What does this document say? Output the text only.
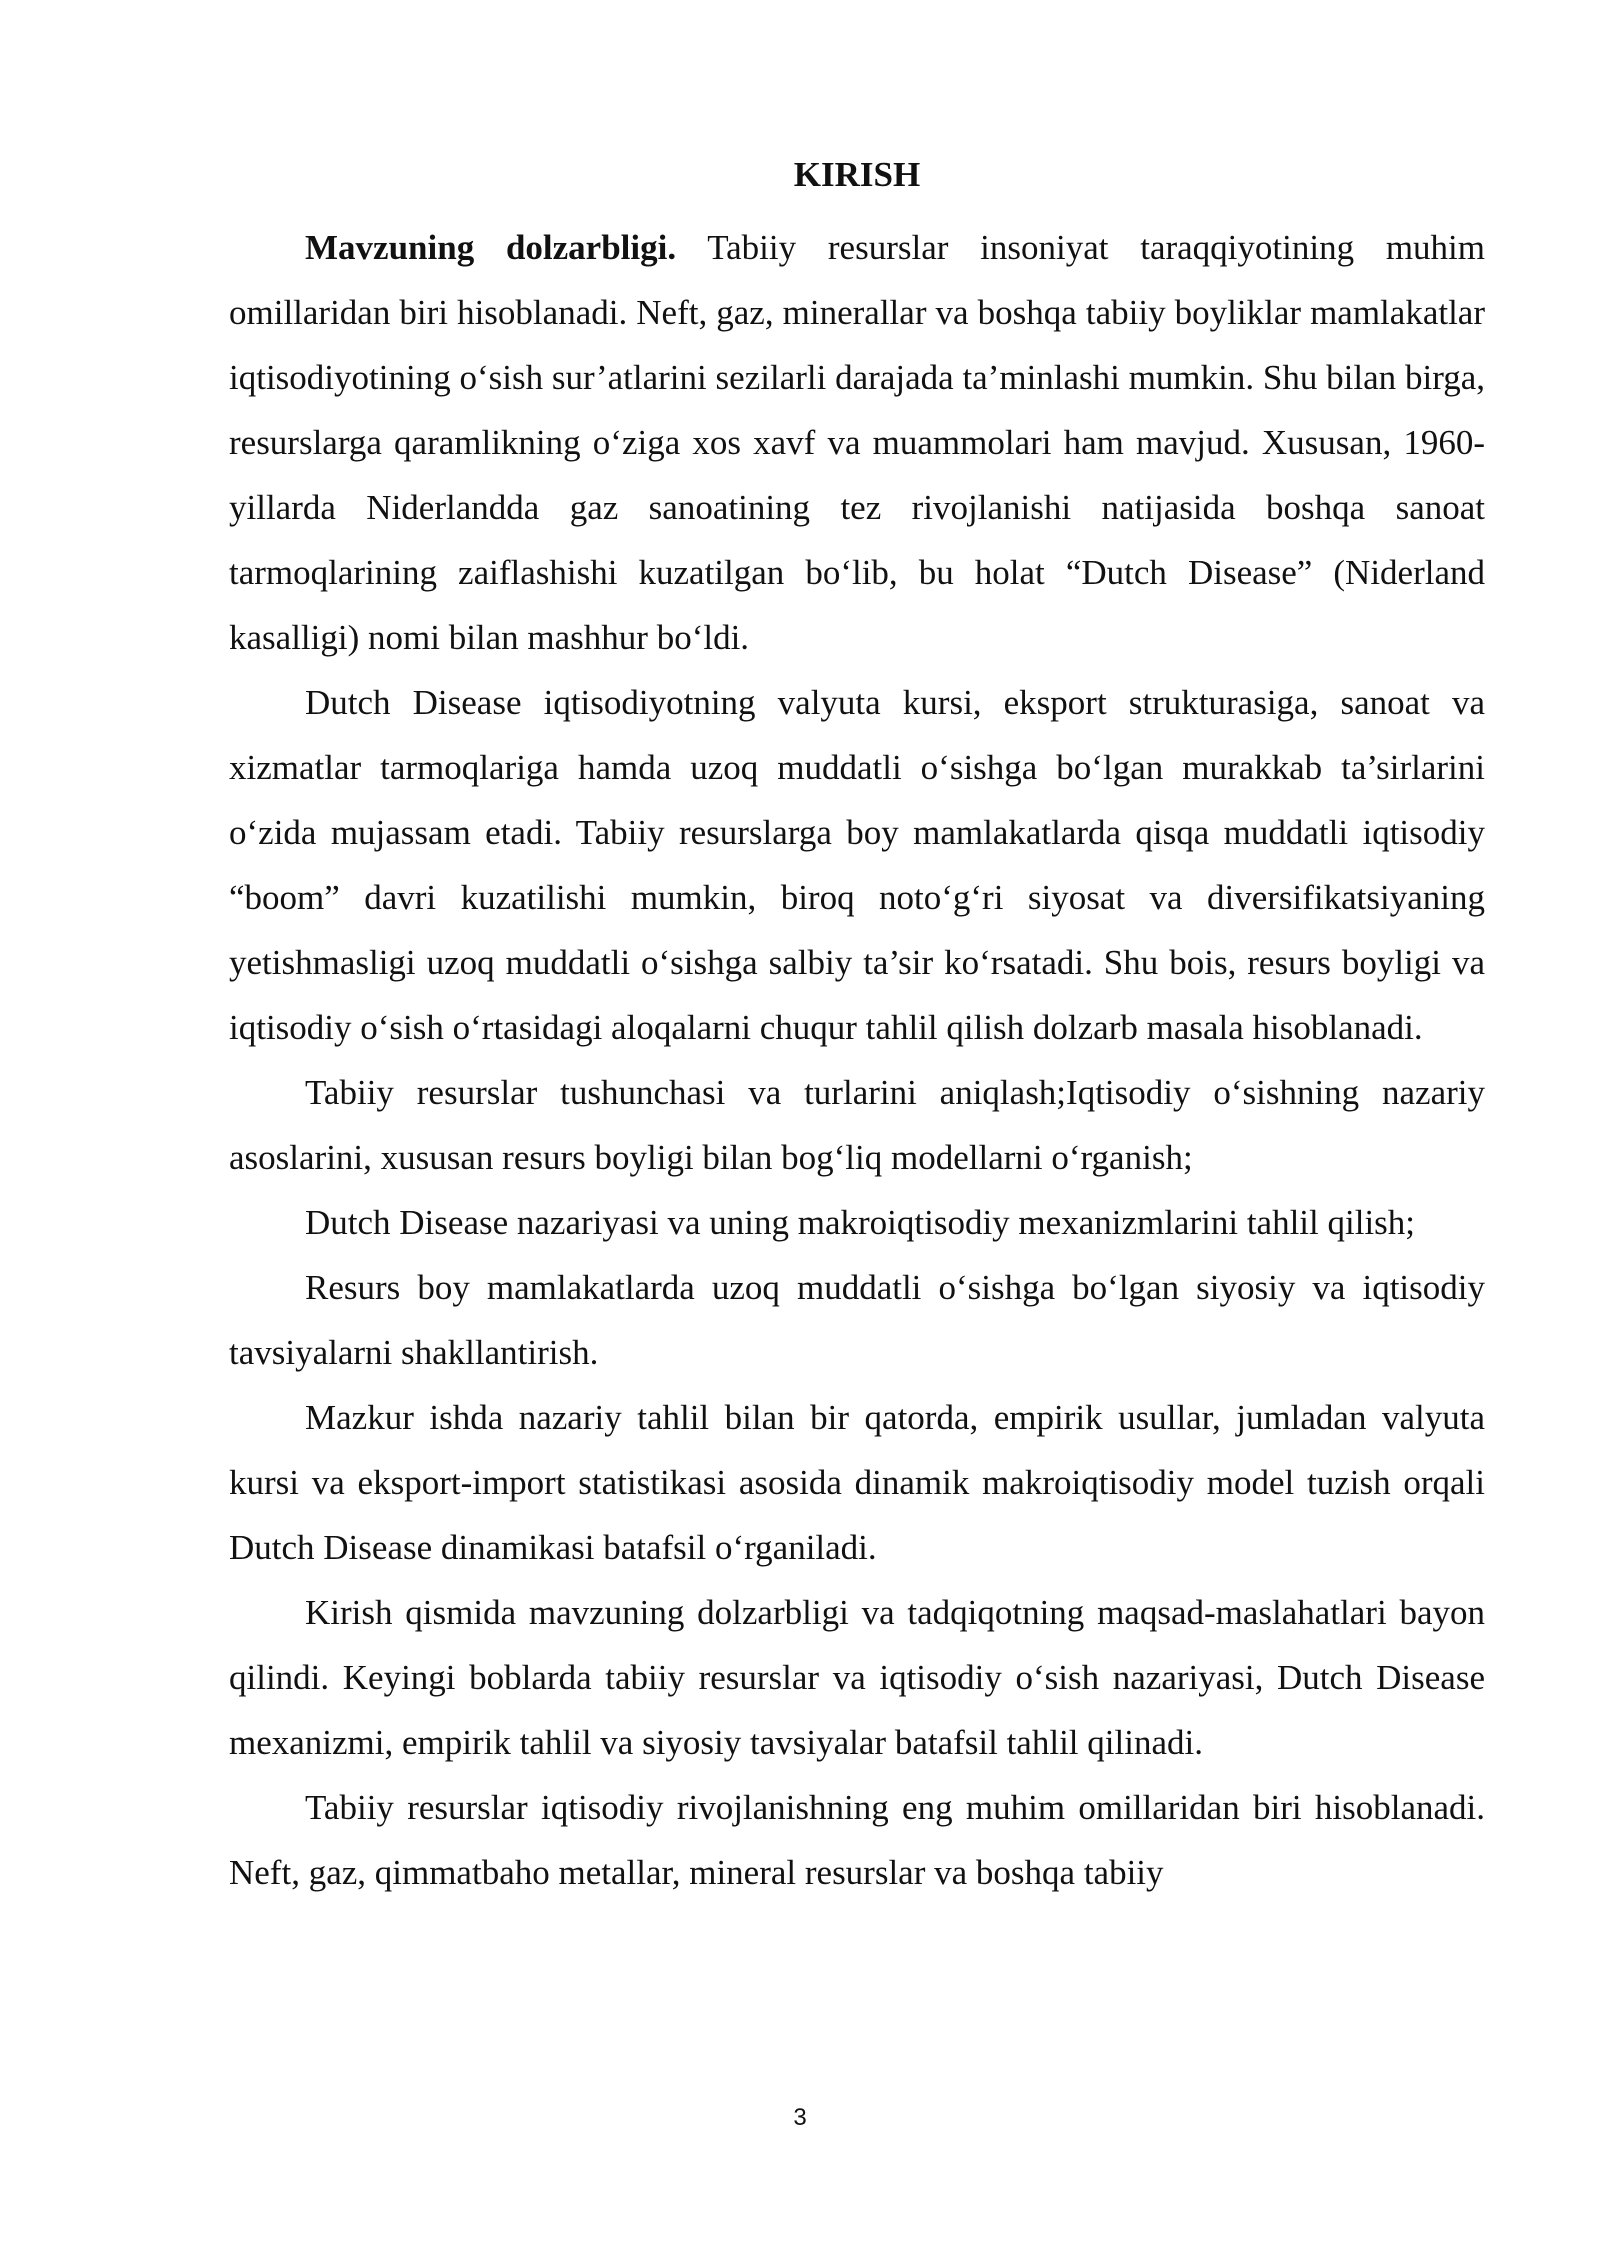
KIRISH

Mavzuning dolzarbligi. Tabiiy resurslar insoniyat taraqqiyotining muhim omillaridan biri hisoblanadi. Neft, gaz, minerallar va boshqa tabiiy boyliklar mamlakatlar iqtisodiyotining o‘sish sur’atlarini sezilarli darajada ta’minlashi mumkin. Shu bilan birga, resurslarga qaramlikning o‘ziga xos xavf va muammolari ham mavjud. Xususan, 1960-yillarda Niderlandda gaz sanoatining tez rivojlanishi natijasida boshqa sanoat tarmoqlarining zaiflashishi kuzatilgan bo‘lib, bu holat “Dutch Disease” (Niderland kasalligi) nomi bilan mashhur bo‘ldi.

Dutch Disease iqtisodiyotning valyuta kursi, eksport strukturasiga, sanoat va xizmatlar tarmoqlariga hamda uzoq muddatli o‘sishga bo‘lgan murakkab ta’sirlarini o‘zida mujassam etadi. Tabiiy resurslarga boy mamlakatlarda qisqa muddatli iqtisodiy “boom” davri kuzatilishi mumkin, biroq noto‘g‘ri siyosat va diversifikatsiyaning yetishmasligi uzoq muddatli o‘sishga salbiy ta’sir ko‘rsatadi. Shu bois, resurs boyligi va iqtisodiy o‘sish o‘rtasidagi aloqalarni chuqur tahlil qilish dolzarb masala hisoblanadi.

Tabiiy resurslar tushunchasi va turlarini aniqlash;Iqtisodiy o‘sishning nazariy asoslarini, xususan resurs boyligi bilan bog‘liq modellarni o‘rganish;

Dutch Disease nazariyasi va uning makroiqtisodiy mexanizmlarini tahlil qilish;

Resurs boy mamlakatlarda uzoq muddatli o‘sishga bo‘lgan siyosiy va iqtisodiy tavsiyalarni shakllantirish.

Mazkur ishda nazariy tahlil bilan bir qatorda, empirik usullar, jumladan valyuta kursi va eksport-import statistikasi asosida dinamik makroiqtisodiy model tuzish orqali Dutch Disease dinamikasi batafsil o‘rganiladi.

Kirish qismida mavzuning dolzarbligi va tadqiqotning maqsad-maslahatlari bayon qilindi. Keyingi boblarda tabiiy resurslar va iqtisodiy o‘sish nazariyasi, Dutch Disease mexanizmi, empirik tahlil va siyosiy tavsiyalar batafsil tahlil qilinadi.

Tabiiy resurslar iqtisodiy rivojlanishning eng muhim omillaridan biri hisoblanadi. Neft, gaz, qimmatbaho metallar, mineral resurslar va boshqa tabiiy

3
